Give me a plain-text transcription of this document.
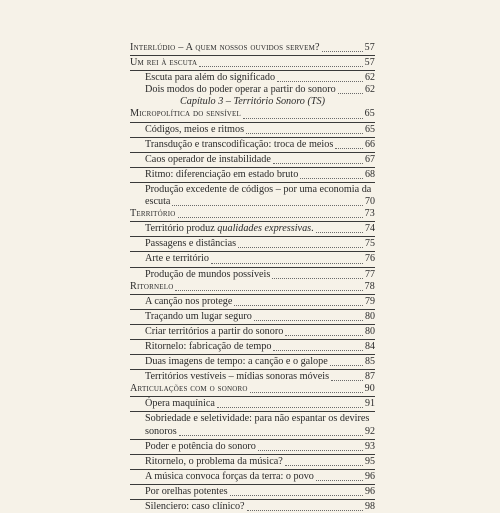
Interlúdio – A quem nossos ouvidos servem?	57
Um rei à escuta	57
Escuta para além do significado	62
Dois modos do poder operar a partir do sonoro	62
Capítulo 3 – Território Sonoro (TS)
Micropolítica do sensível	65
Códigos, meios e ritmos	65
Transdução e transcodificação: troca de meios	66
Caos operador de instabilidade	67
Ritmo: diferenciação em estado bruto	68
Produção excedente de códigos – por uma economia da
escuta	70
Território	73
Território produz qualidades expressivas.	74
Passagens e distâncias	75
Arte e território	76
Produção de mundos possíveis	77
Ritornelo	78
A canção nos protege	79
Traçando um lugar seguro	80
Criar territórios a partir do sonoro	80
Ritornelo: fabricação de tempo	84
Duas imagens de tempo: a canção e o galope	85
Territórios vestíveis – mídias sonoras móveis	87
Articulações com o sonoro	90
Ópera maquínica	91
Sobriedade e seletividade: para não espantar os devires
sonoros	92
Poder e potência do sonoro	93
Ritornelo, o problema da música?	95
A música convoca forças da terra: o povo	96
Por orelhas potentes	96
Silenciero: caso clínico?	98
